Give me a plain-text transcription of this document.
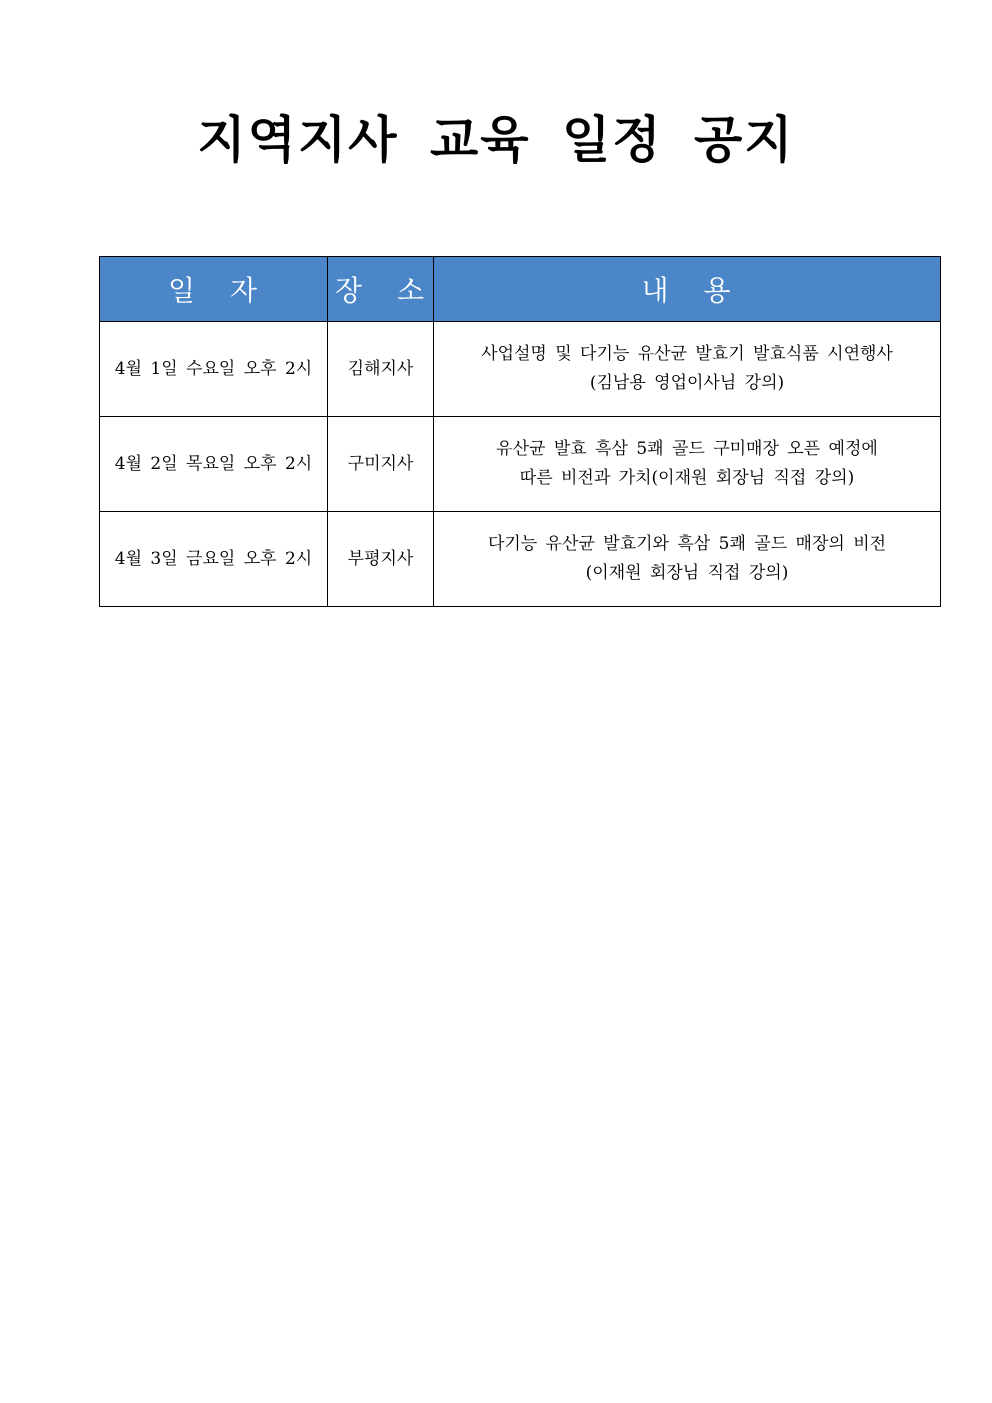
지역지사 교육 일정 공지
일 자	장 소	내 용
4월 1일 수요일 오후 2시	김해지사	사업설명 및 다기능 유산균 발효기 발효식품 시연행사
(김남용 영업이사님 강의)

4월 2일 목요일 오후 2시	구미지사	유산균 발효 흑삼 5쾌 골드 구미매장 오픈 예정에
따른 비전과 가치(이재원 회장님 직접 강의)

4월 3일 금요일 오후 2시	부평지사	다기능 유산균 발효기와 흑삼 5쾌 골드 매장의 비전
(이재원 회장님 직접 강의)
